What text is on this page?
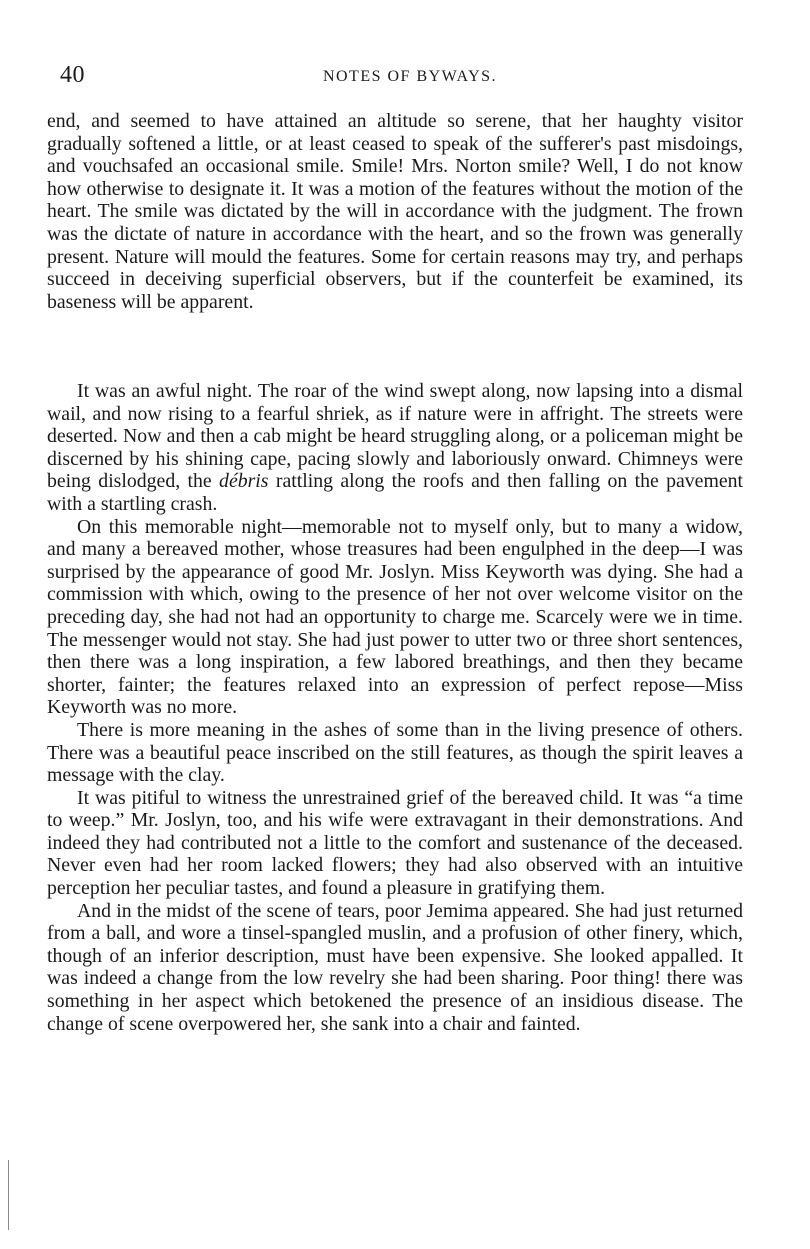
40	NOTES OF BYWAYS.

end, and seemed to have attained an altitude so serene, that her haughty visitor gradually softened a little, or at least ceased to speak of the sufferer's past misdoings, and vouchsafed an occasional smile. Smile! Mrs. Norton smile? Well, I do not know how otherwise to designate it. It was a motion of the features without the motion of the heart. The smile was dictated by the will in accordance with the judgment. The frown was the dictate of nature in accordance with the heart, and so the frown was generally present. Nature will mould the features. Some for certain reasons may try, and perhaps succeed in deceiving superficial observers, but if the counterfeit be examined, its baseness will be apparent.

It was an awful night. The roar of the wind swept along, now lapsing into a dismal wail, and now rising to a fearful shriek, as if nature were in affright. The streets were deserted. Now and then a cab might be heard struggling along, or a policeman might be discerned by his shining cape, pacing slowly and laboriously onward. Chimneys were being dislodged, the débris rattling along the roofs and then falling on the pavement with a startling crash.

On this memorable night—memorable not to myself only, but to many a widow, and many a bereaved mother, whose treasures had been engulphed in the deep—I was surprised by the appearance of good Mr. Joslyn. Miss Keyworth was dying. She had a commission with which, owing to the presence of her not over welcome visitor on the preceding day, she had not had an opportunity to charge me. Scarcely were we in time. The messenger would not stay. She had just power to utter two or three short sentences, then there was a long inspiration, a few labored breathings, and then they became shorter, fainter; the features relaxed into an expression of perfect repose—Miss Keyworth was no more.

There is more meaning in the ashes of some than in the living presence of others. There was a beautiful peace inscribed on the still features, as though the spirit leaves a message with the clay.

It was pitiful to witness the unrestrained grief of the bereaved child. It was “a time to weep.” Mr. Joslyn, too, and his wife were extravagant in their demonstrations. And indeed they had contributed not a little to the comfort and sustenance of the deceased. Never even had her room lacked flowers; they had also observed with an intuitive perception her peculiar tastes, and found a pleasure in gratifying them.

And in the midst of the scene of tears, poor Jemima appeared. She had just returned from a ball, and wore a tinsel-spangled muslin, and a profusion of other finery, which, though of an inferior description, must have been expensive. She looked appalled. It was indeed a change from the low revelry she had been sharing. Poor thing! there was something in her aspect which betokened the presence of an insidious disease. The change of scene overpowered her, she sank into a chair and fainted.
